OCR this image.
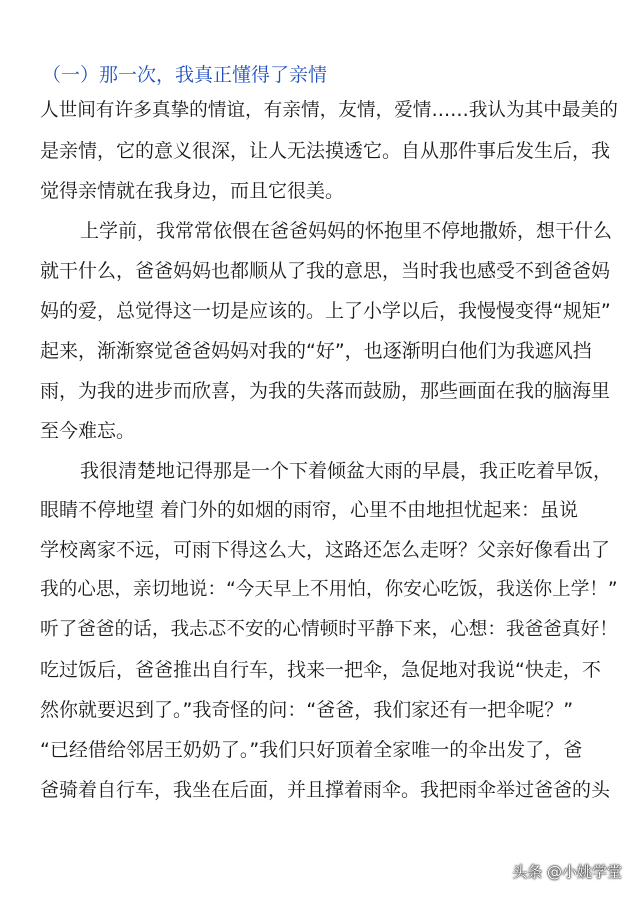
（一）那一次，我真正懂得了亲情
人世间有许多真挚的情谊，有亲情，友情，爱情……我认为其中最美的
是亲情，它的意义很深，让人无法摸透它。自从那件事后发生后，我
觉得亲情就在我身边，而且它很美。
上学前，我常常依偎在爸爸妈妈的怀抱里不停地撒娇，想干什么
就干什么，爸爸妈妈也都顺从了我的意思，当时我也感受不到爸爸妈
妈的爱，总觉得这一切是应该的。上了小学以后，我慢慢变得“规矩”
起来，渐渐察觉爸爸妈妈对我的“好”，也逐渐明白他们为我遮风挡
雨，为我的进步而欣喜，为我的失落而鼓励，那些画面在我的脑海里
至今难忘。
我很清楚地记得那是一个下着倾盆大雨的早晨，我正吃着早饭，
眼睛不停地望 着门外的如烟的雨帘，心里不由地担忧起来：虽说
学校离家不远，可雨下得这么大，这路还怎么走呀？父亲好像看出了
我的心思，亲切地说：“今天早上不用怕，你安心吃饭，我送你上学！”
听了爸爸的话，我忐忑不安的心情顿时平静下来，心想：我爸爸真好！
吃过饭后，爸爸推出自行车，找来一把伞，急促地对我说“快走，不
然你就要迟到了。”我奇怪的问：“爸爸，我们家还有一把伞呢？”
“已经借给邻居王奶奶了。”我们只好顶着全家唯一的伞出发了，爸
爸骑着自行车，我坐在后面，并且撑着雨伞。我把雨伞举过爸爸的头
头条 @小姚学堂
